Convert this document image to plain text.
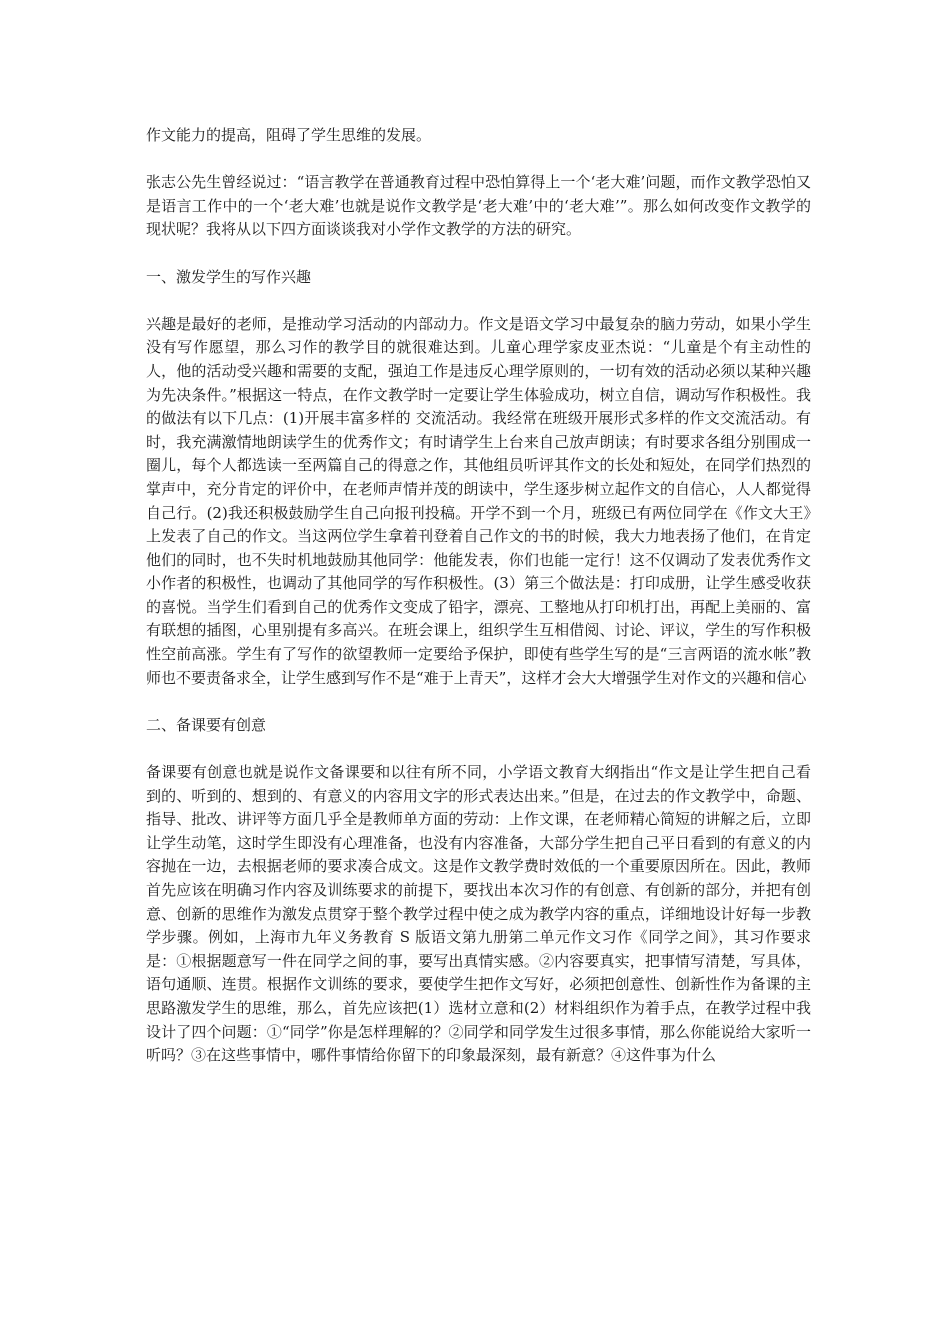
作文能力的提高，阻碍了学生思维的发展。

张志公先生曾经说过：“语言教学在普通教育过程中恐怕算得上一个‘老大难’问题，而作文教学恐怕又是语言工作中的一个‘老大难’也就是说作文教学是‘老大难’中的‘老大难’”。那么如何改变作文教学的现状呢？我将从以下四方面谈谈我对小学作文教学的方法的研究。

一、激发学生的写作兴趣

兴趣是最好的老师，是推动学习活动的内部动力。作文是语文学习中最复杂的脑力劳动，如果小学生没有写作愿望，那么习作的教学目的就很难达到。儿童心理学家皮亚杰说：“儿童是个有主动性的人，他的活动受兴趣和需要的支配，强迫工作是违反心理学原则的，一切有效的活动必须以某种兴趣为先决条件。”根据这一特点，在作文教学时一定要让学生体验成功，树立自信，调动写作积极性。我的做法有以下几点：(1)开展丰富多样的 交流活动。我经常在班级开展形式多样的作文交流活动。有时，我充满激情地朗读学生的优秀作文；有时请学生上台来自己放声朗读；有时要求各组分别围成一圈儿，每个人都选读一至两篇自己的得意之作，其他组员听评其作文的长处和短处，在同学们热烈的掌声中，充分肯定的评价中，在老师声情并茂的朗读中，学生逐步树立起作文的自信心，人人都觉得自己行。(2)我还积极鼓励学生自己向报刊投稿。开学不到一个月，班级已有两位同学在《作文大王》上发表了自己的作文。当这两位学生拿着刊登着自己作文的书的时候，我大力地表扬了他们，在肯定他们的同时，也不失时机地鼓励其他同学：他能发表，你们也能一定行！这不仅调动了发表优秀作文小作者的积极性，也调动了其他同学的写作积极性。(3）第三个做法是：打印成册，让学生感受收获的喜悦。当学生们看到自己的优秀作文变成了铅字，漂亮、工整地从打印机打出，再配上美丽的、富有联想的插图，心里别提有多高兴。在班会课上，组织学生互相借阅、讨论、评议，学生的写作积极性空前高涨。学生有了写作的欲望教师一定要给予保护，即使有些学生写的是“三言两语的流水帐”教师也不要责备求全，让学生感到写作不是“难于上青天”，这样才会大大增强学生对作文的兴趣和信心

二、备课要有创意

备课要有创意也就是说作文备课要和以往有所不同，小学语文教育大纲指出“作文是让学生把自己看到的、听到的、想到的、有意义的内容用文字的形式表达出来。”但是，在过去的作文教学中，命题、指导、批改、讲评等方面几乎全是教师单方面的劳动：上作文课，在老师精心简短的讲解之后，立即让学生动笔，这时学生即没有心理准备，也没有内容准备，大部分学生把自己平日看到的有意义的内容抛在一边，去根据老师的要求凑合成文。这是作文教学费时效低的一个重要原因所在。因此，教师首先应该在明确习作内容及训练要求的前提下，要找出本次习作的有创意、有创新的部分，并把有创意、创新的思维作为激发点贯穿于整个教学过程中使之成为教学内容的重点，详细地设计好每一步教学步骤。例如，上海市九年义务教育 S 版语文第九册第二单元作文习作《同学之间》，其习作要求是：①根据题意写一件在同学之间的事，要写出真情实感。②内容要真实，把事情写清楚，写具体，语句通顺、连贯。根据作文训练的要求，要使学生把作文写好，必须把创意性、创新性作为备课的主思路激发学生的思维，那么，首先应该把(1）选材立意和(2）材料组织作为着手点，在教学过程中我设计了四个问题：①“同学”你是怎样理解的？②同学和同学发生过很多事情，那么你能说给大家听一听吗？③在这些事情中，哪件事情给你留下的印象最深刻，最有新意？④这件事为什么
